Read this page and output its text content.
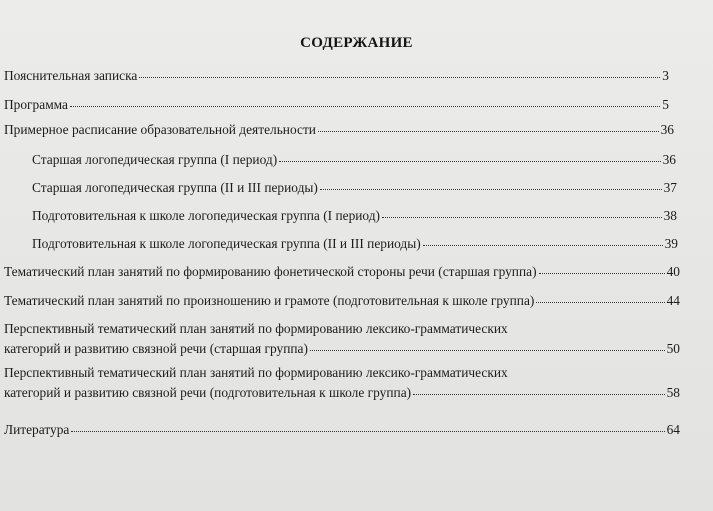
СОДЕРЖАНИЕ
Пояснительная записка	3
Программа	5
Примерное расписание образовательной деятельности	36
Старшая логопедическая группа (I период)	36
Старшая логопедическая группа (II и III периоды)	37
Подготовительная к школе логопедическая группа (I период)	38
Подготовительная к школе логопедическая группа (II и III периоды)	39
Тематический план занятий по формированию фонетической стороны речи (старшая группа)	40
Тематический план занятий по произношению и грамоте (подготовительная к школе группа)	44
Перспективный тематический план занятий по формированию лексико-грамматических
категорий и развитию связной речи (старшая группа)	50
Перспективный тематический план занятий по формированию лексико-грамматических
категорий и развитию связной речи (подготовительная к школе группа)	58
Литература	64
